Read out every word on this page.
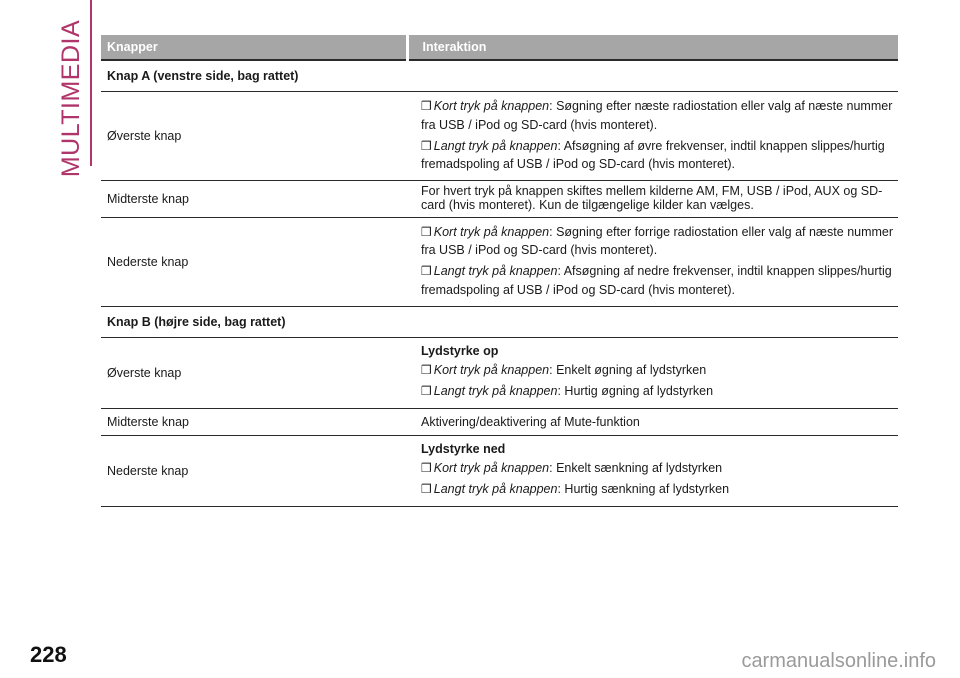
MULTIMEDIA Knapper	Interaktion
Knap A (venstre side, bag rattet)	
Øverste knap	❒ Kort tryk på knappen: Søgning efter næste radiostation eller valg af næste nummer fra USB / iPod og SD-card (hvis monteret).
❒ Langt tryk på knappen: Afsøgning af øvre frekvenser, indtil knappen slippes/hurtig fremadspoling af USB / iPod og SD-card (hvis monteret).

Midterste knap	For hvert tryk på knappen skiftes mellem kilderne AM, FM, USB / iPod, AUX og SD-card (hvis monteret). Kun de tilgængelige kilder kan vælges.
Nederste knap	❒ Kort tryk på knappen: Søgning efter forrige radiostation eller valg af næste nummer fra USB / iPod og SD-card (hvis monteret).
❒ Langt tryk på knappen: Afsøgning af nedre frekvenser, indtil knappen slippes/hurtig fremadspoling af USB / iPod og SD-card (hvis monteret).

Knap B (højre side, bag rattet)	
Øverste knap	Lydstyrke op
❒ Kort tryk på knappen: Enkelt øgning af lydstyrken
❒ Langt tryk på knappen: Hurtig øgning af lydstyrken

Midterste knap	Aktivering/deaktivering af Mute-funktion
Nederste knap	Lydstyrke ned
❒ Kort tryk på knappen: Enkelt sænkning af lydstyrken
❒ Langt tryk på knappen: Hurtig sænkning af lydstyrken
228	carmanualsonline.info
